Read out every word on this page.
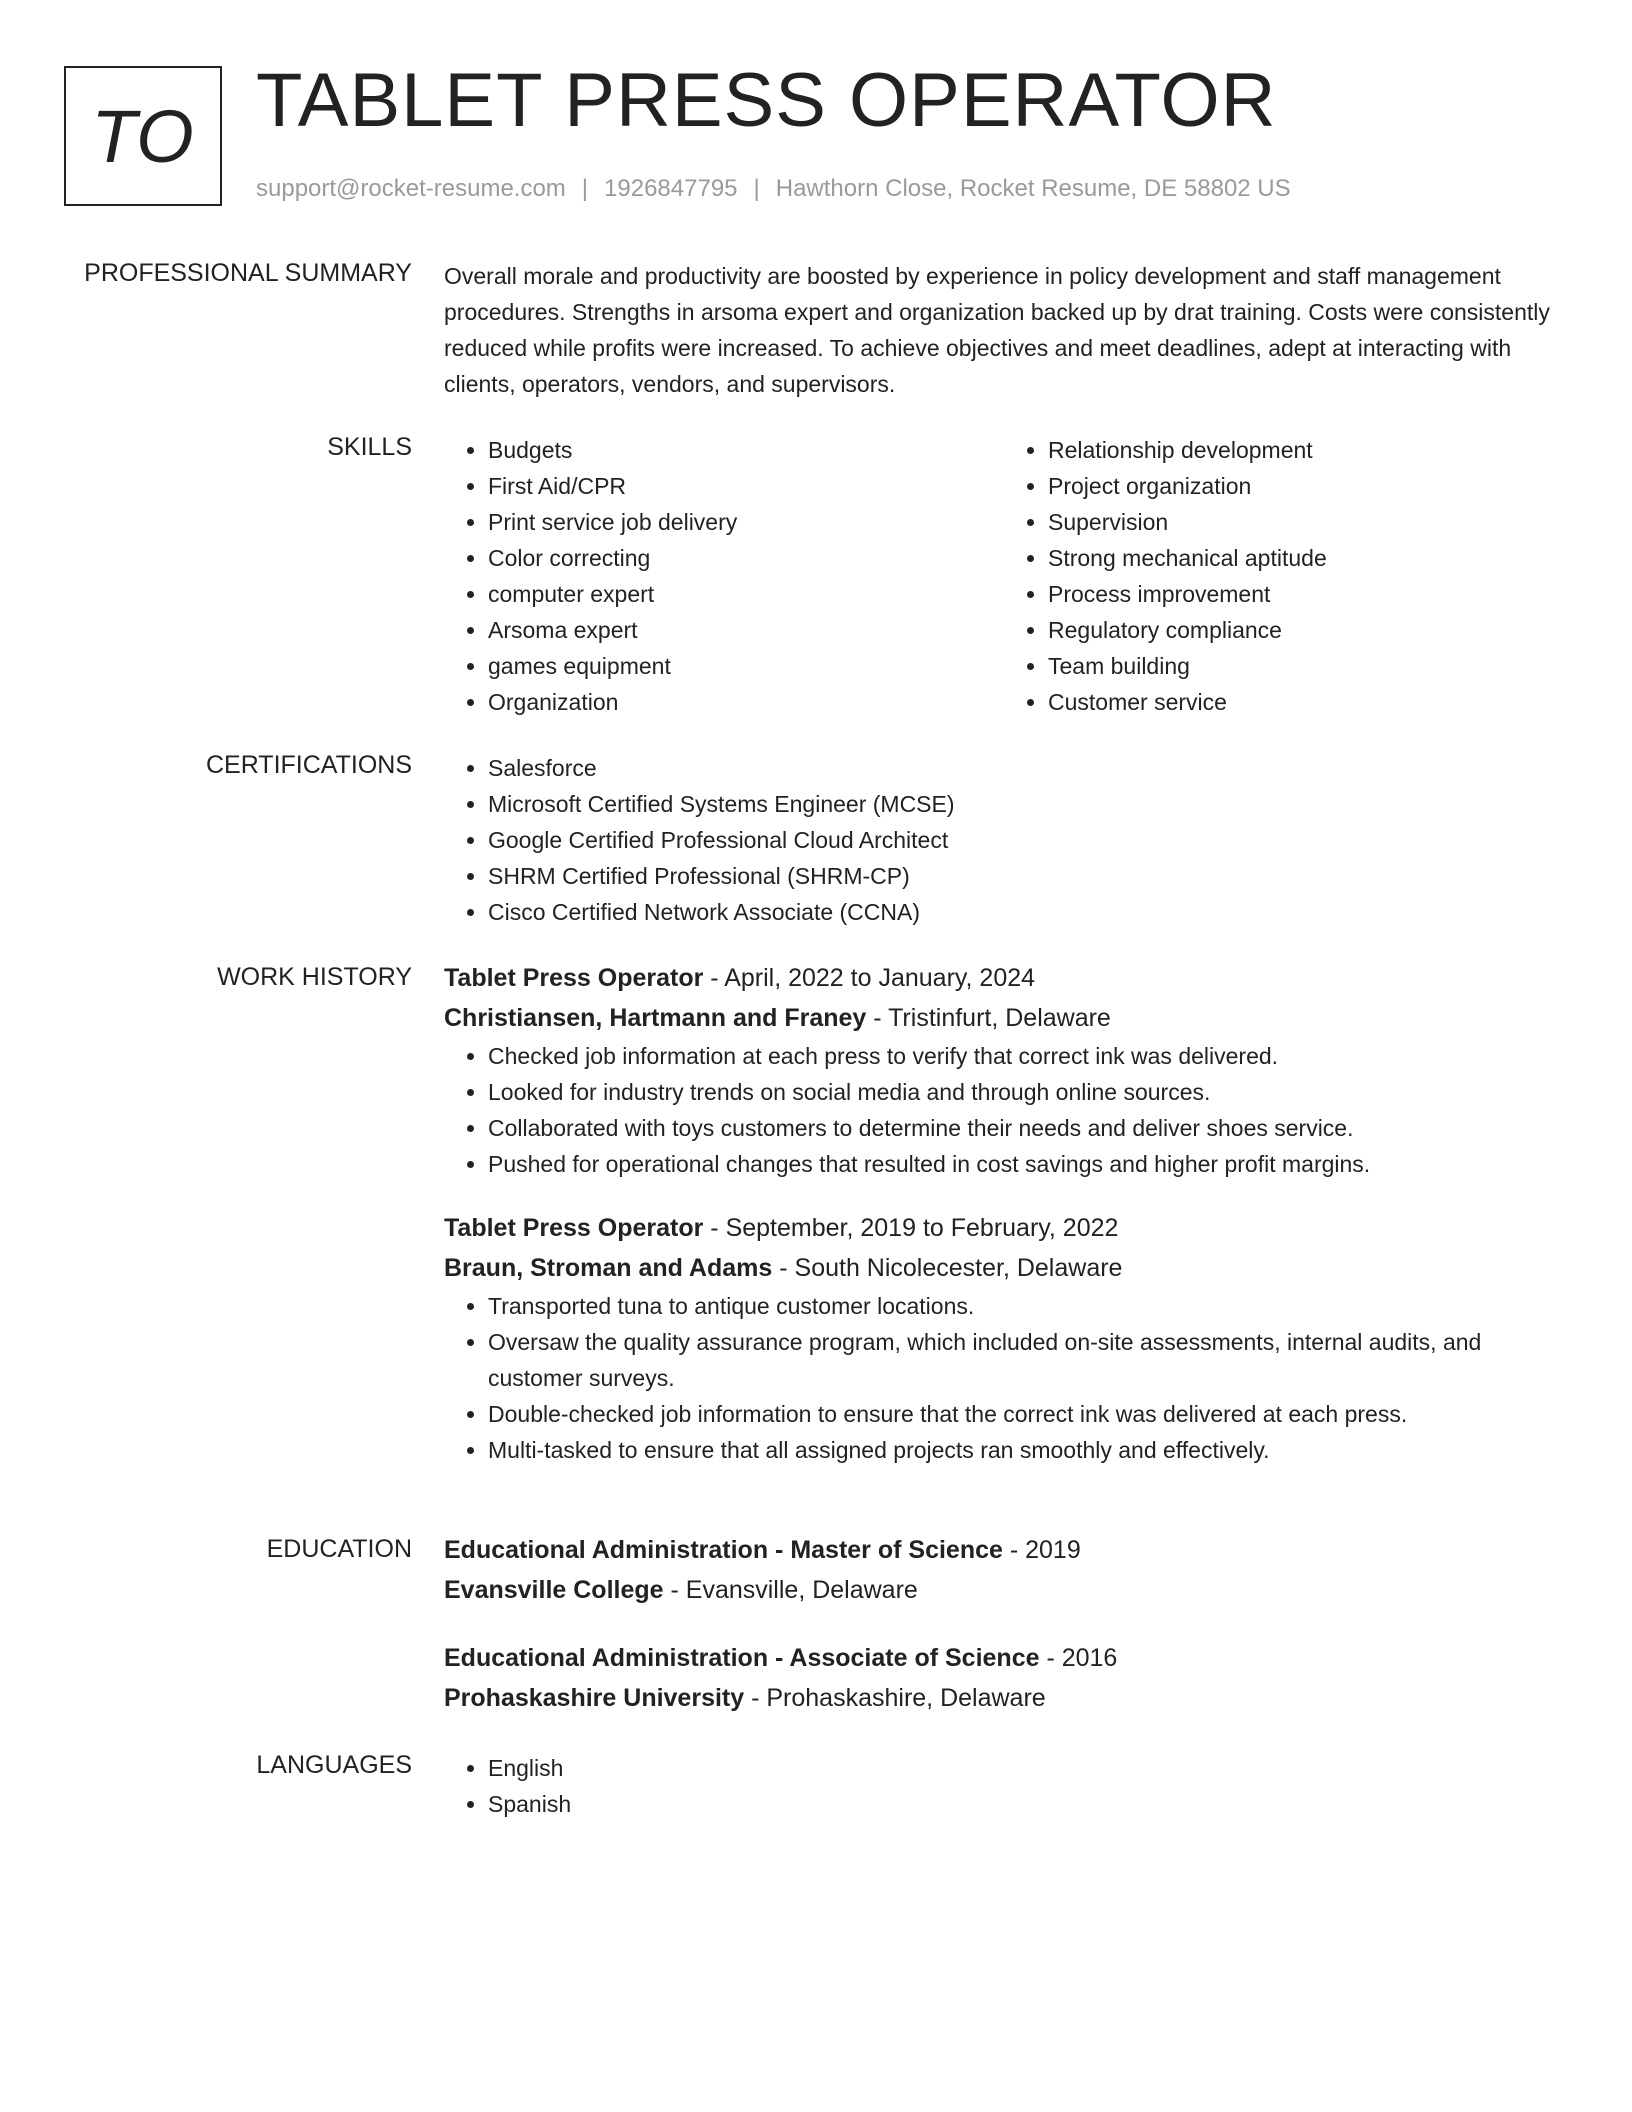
TO TABLET PRESS OPERATOR
support@rocket-resume.com | 1926847795 | Hawthorn Close, Rocket Resume, DE 58802 US
PROFESSIONAL SUMMARY Overall morale and productivity are boosted by experience in policy development and staff management procedures. Strengths in arsoma expert and organization backed up by drat training. Costs were consistently reduced while profits were increased. To achieve objectives and meet deadlines, adept at interacting with clients, operators, vendors, and supervisors.
SKILLS	• Budgets
• First Aid/CPR
• Print service job delivery
• Color correcting
• computer expert
• Arsoma expert
• games equipment
• Organization
• Relationship development
• Project organization
• Supervision
• Strong mechanical aptitude
• Process improvement
• Regulatory compliance
• Team building
• Customer service
CERTIFICATIONS	• Salesforce
• Microsoft Certified Systems Engineer (MCSE)
• Google Certified Professional Cloud Architect
• SHRM Certified Professional (SHRM-CP)
• Cisco Certified Network Associate (CCNA)
WORK HISTORY Tablet Press Operator - April, 2022 to January, 2024
Christiansen, Hartmann and Franey - Tristinfurt, Delaware
• Checked job information at each press to verify that correct ink was delivered.
• Looked for industry trends on social media and through online sources.
• Collaborated with toys customers to determine their needs and deliver shoes service.
• Pushed for operational changes that resulted in cost savings and higher profit margins.
Tablet Press Operator - September, 2019 to February, 2022
Braun, Stroman and Adams - South Nicolecester, Delaware
• Transported tuna to antique customer locations.
• Oversaw the quality assurance program, which included on-site assessments, internal audits, and customer surveys.
• Double-checked job information to ensure that the correct ink was delivered at each press.
• Multi-tasked to ensure that all assigned projects ran smoothly and effectively.
EDUCATION Educational Administration - Master of Science - 2019
Evansville College - Evansville, Delaware
Educational Administration - Associate of Science - 2016
Prohaskashire University - Prohaskashire, Delaware
LANGUAGES	• English
• Spanish
